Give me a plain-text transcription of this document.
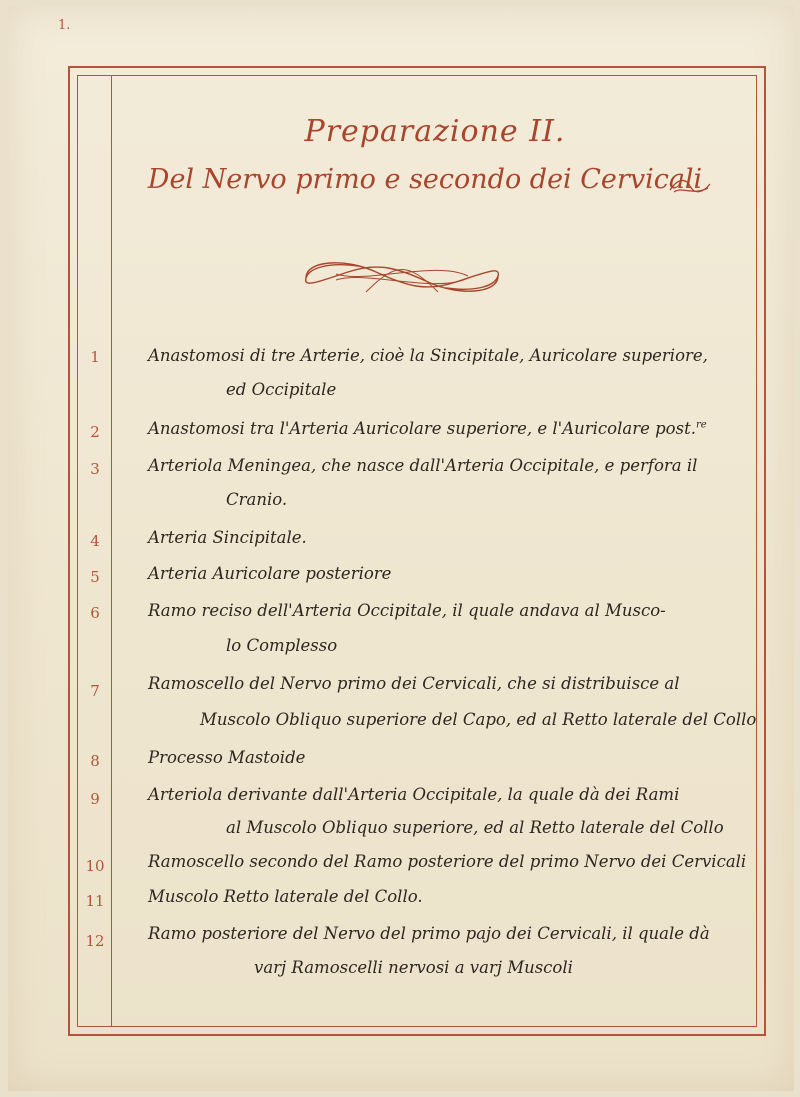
1.
Preparazione II.
Del Nervo primo e secondo dei Cervicali
1	Anastomosi di tre Arterie, cioè la Sincipitale, Auricolare superiore,
ed Occipitale
2	Anastomosi tra l'Arteria Auricolare superiore, e l'Auricolare post.$^{re}$
3	Arteriola Meningea, che nasce dall'Arteria Occipitale, e perfora il
Cranio.
4	Arteria Sincipitale.
5	Arteria Auricolare posteriore
6	Ramo reciso dell'Arteria Occipitale, il quale andava al Musco-
lo Complesso
7	Ramoscello del Nervo primo dei Cervicali, che si distribuisce al
Muscolo Obliquo superiore del Capo, ed al Retto laterale del Collo
8	Processo Mastoide
9	Arteriola derivante dall'Arteria Occipitale, la quale dà dei Rami
al Muscolo Obliquo superiore, ed al Retto laterale del Collo
10	Ramoscello secondo del Ramo posteriore del primo Nervo dei Cervicali
11	Muscolo Retto laterale del Collo.
12	Ramo posteriore del Nervo del primo pajo dei Cervicali, il quale dà
varj Ramoscelli nervosi a varj Muscoli
